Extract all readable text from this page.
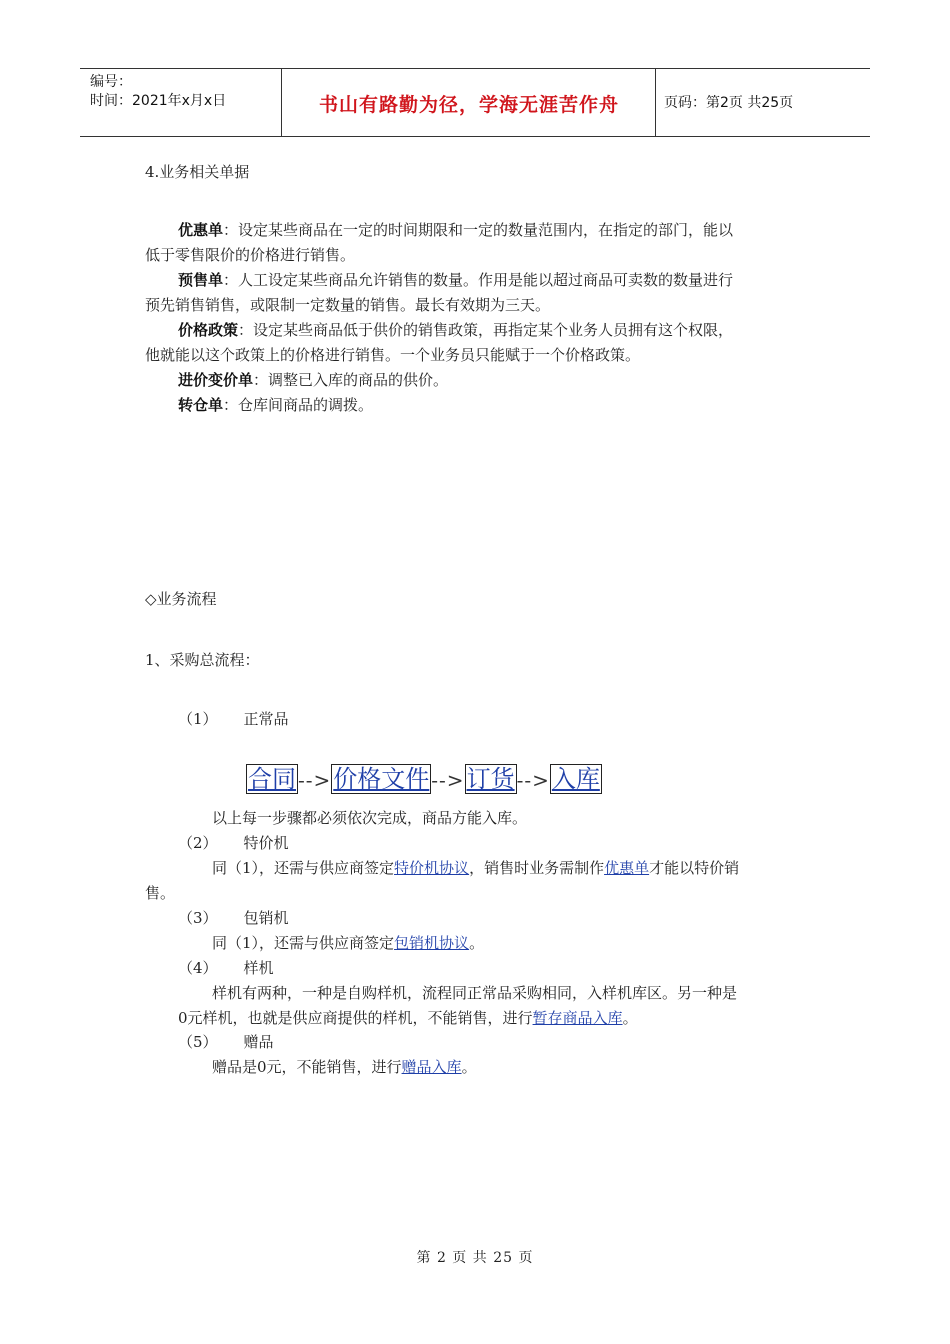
编号：
时间：2021年x月x日	书山有路勤为径，学海无涯苦作舟	页码：第2页 共25页
4.业务相关单据
优惠单：设定某些商品在一定的时间期限和一定的数量范围内，在指定的部门，能以
低于零售限价的价格进行销售。
预售单：人工设定某些商品允许销售的数量。作用是能以超过商品可卖数的数量进行
预先销售销售，或限制一定数量的销售。最长有效期为三天。
价格政策：设定某些商品低于供价的销售政策，再指定某个业务人员拥有这个权限，
他就能以这个政策上的价格进行销售。一个业务员只能赋于一个价格政策。
进价变价单：调整已入库的商品的供价。
转仓单：仓库间商品的调拨。
◇业务流程
1、采购总流程：
（1） 正常品
合同 -->价格文件 -->订货 -->入库
以上每一步骤都必须依次完成，商品方能入库。
（2） 特价机
同（1），还需与供应商签定特价机协议，销售时业务需制作优惠单才能以特价销
售。
（3） 包销机
同（1），还需与供应商签定包销机协议。
（4） 样机
样机有两种，一种是自购样机，流程同正常品采购相同，入样机库区。另一种是
0元样机，也就是供应商提供的样机，不能销售，进行暂存商品入库。
（5） 赠品
赠品是0元，不能销售，进行赠品入库。
第 2 页 共 25 页
